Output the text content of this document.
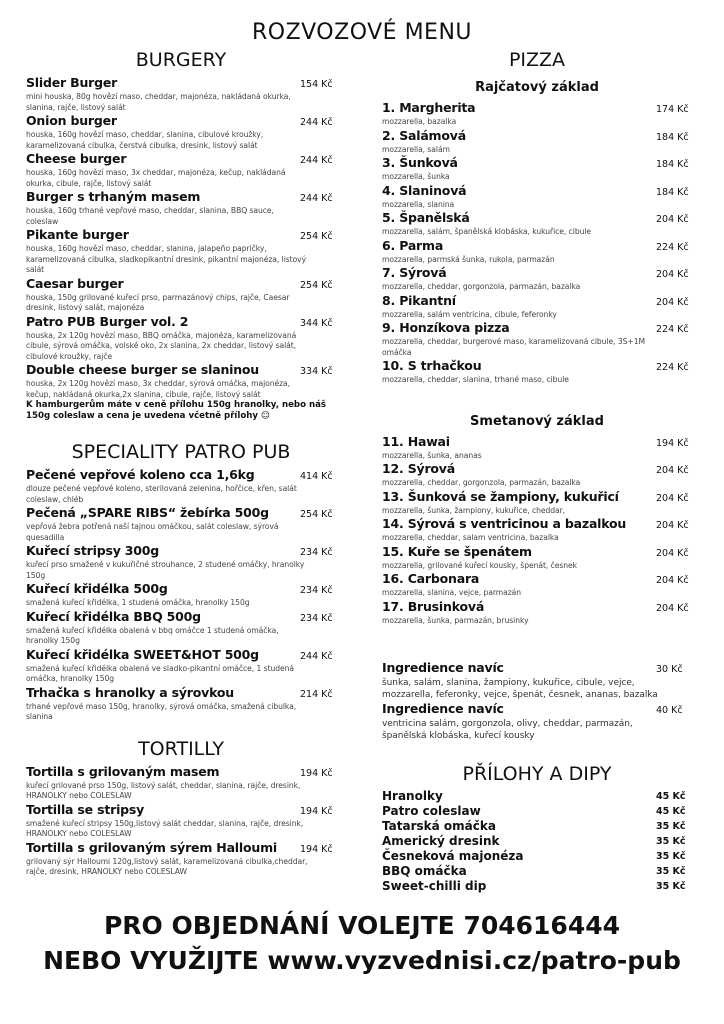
ROZVOZOVÉ MENU
BURGERY
Slider Burger	154 Kč
mini houska, 80g hovězí maso, cheddar, majonéza, nakládaná okurka, slanina, rajče, listový salát
Onion burger	244 Kč
houska, 160g hovězí maso, cheddar, slanina, cibulové kroužky, karamelizovaná cibulka, čerstvá cibulka, dresink, listový salát
Cheese burger	244 Kč
houska, 160g hovězí maso, 3x cheddar, majonéza, kečup, nakládaná okurka, cibule, rajče, listový salát
Burger s trhaným masem	244 Kč
houska, 160g trhané vepřové maso, cheddar, slanina, BBQ sauce, coleslaw
Pikante burger	254 Kč
houska, 160g hovězí maso, cheddar, slanina, jalapeño papričky, karamelizovaná cibulka, sladkopikantní dresink, pikantní majonéza, listový salát
Caesar burger	254 Kč
houska, 150g grilované kuřecí prso, parmazánový chips, rajče, Caesar dresink, listový salát, majonéza
Patro PUB Burger vol. 2	344 Kč
houska, 2x 120g hovězí maso, BBQ omáčka, majonéza, karamelizovaná cibule, sýrová omáčka, volské oko, 2x slanina, 2x cheddar, listový salát, cibulové kroužky, rajče
Double cheese burger se slaninou	334 Kč
houska, 2x 120g hovězí maso, 3x cheddar, sýrová omáčka, majonéza, kečup, nakládaná okurka,2x slanina, cibule, rajče, listový salát
K hamburgerům máte v ceně přílohu 150g hranolky, nebo náš 150g coleslaw a cena je uvedena včetně přílohy ☺
SPECIALITY PATRO PUB
Pečené vepřové koleno cca 1,6kg	414 Kč
dlouze pečené vepřové koleno, sterilovaná zelenina, hořčice, křen, salát coleslaw, chléb
Pečená „SPARE RIBS“ žebírka 500g	254 Kč
vepřová žebra potřená naší tajnou omáčkou, salát coleslaw, sýrová quesadilla
Kuřecí stripsy 300g	234 Kč
kuřecí prso smažené v kukuřičné strouhance, 2 studené omáčky, hranolky 150g
Kuřecí křidélka 500g	234 Kč
smažená kuřecí křidélka, 1 studená omáčka, hranolky 150g
Kuřecí křidélka BBQ 500g	234 Kč
smažená kuřecí křidélka obalená v bbq omáčce 1 studená omáčka, hranolky 150g
Kuřecí křidélka SWEET&HOT 500g	244 Kč
smažená kuřecí křidélka obalená ve sladko-pikantní omáčce, 1 studená omáčka, hranolky 150g
Trhačka s hranolky a sýrovkou	214 Kč
trhané vepřové maso 150g, hranolky, sýrová omáčka, smažená cibulka, slanina
TORTILLY
Tortilla s grilovaným masem	194 Kč
kuřecí grilované prso 150g, listový salát, cheddar, slanina, rajče, dresink, HRANOLKY nebo COLESLAW
Tortilla se stripsy	194 Kč
smažené kuřecí stripsy 150g,listový salát cheddar, slanina, rajče, dresink, HRANOLKY nebo COLESLAW
Tortilla s grilovaným sýrem Halloumi 194 Kč
grilovaný sýr Halloumi 120g,listový salát, karamelizovaná cibulka,cheddar, rajče, dresink, HRANOLKY nebo COLESLAW
PIZZA
Rajčatový základ
1. Margherita	174 Kč
mozzarella, bazalka
2. Salámová	184 Kč
mozzarella, salám
3. Šunková	184 Kč
mozzarella, šunka
4. Slaninová	184 Kč
mozzarella, slanina
5. Španělská	204 Kč
mozzarella, salám, španělská klobáska, kukuřice, cibule
6. Parma	224 Kč
mozzarella, parmská šunka, rukola, parmazán
7. Sýrová	204 Kč
mozzarella, cheddar, gorgonzola, parmazán, bazalka
8. Pikantní	204 Kč
mozzarella, salám ventricina, cibule, feferonky
9. Honzíkova pizza	224 Kč
mozzarella, cheddar, burgerové maso, karamelizovaná cibule, 3S+1M omáčka
10. S trhačkou	224 Kč
mozzarella, cheddar, slanina, trhané maso, cibule
Smetanový základ
11. Hawai	194 Kč
mozzarella, šunka, ananas
12. Sýrová	204 Kč
mozzarella, cheddar, gorgonzola, parmazán, bazalka
13. Šunková se žampiony, kukuřicí	204 Kč
mozzarella, šunka, žampiony, kukuřice, cheddar,
14. Sýrová s ventricinou a bazalkou	204 Kč
mozzarella, cheddar, salam ventricina, bazalka
15. Kuře se špenátem	204 Kč
mozzarella, grilované kuřecí kousky, špenát, česnek
16. Carbonara	204 Kč
mozzarella, slanina, vejce, parmazán
17. Brusinková	204 Kč
mozzarella, šunka, parmazán, brusinky
Ingredience navíc	30 Kč
šunka, salám, slanina, žampiony, kukuřice, cibule, vejce, mozzarella, feferonky, vejce, špenát, česnek, ananas, bazalka
Ingredience navíc	40 Kč
ventricina salám, gorgonzola, olivy, cheddar, parmazán, španělská klobáska, kuřecí kousky
PŘÍLOHY A DIPY
Hranolky	45 Kč
Patro coleslaw	45 Kč
Tatarská omáčka	35 Kč
Americký dresink	35 Kč
Česneková majonéza	35 Kč
BBQ omáčka	35 Kč
Sweet-chilli dip	35 Kč
PRO OBJEDNÁNÍ VOLEJTE 704616444
NEBO VYUŽIJTE www.vyzvednisi.cz/patro-pub
